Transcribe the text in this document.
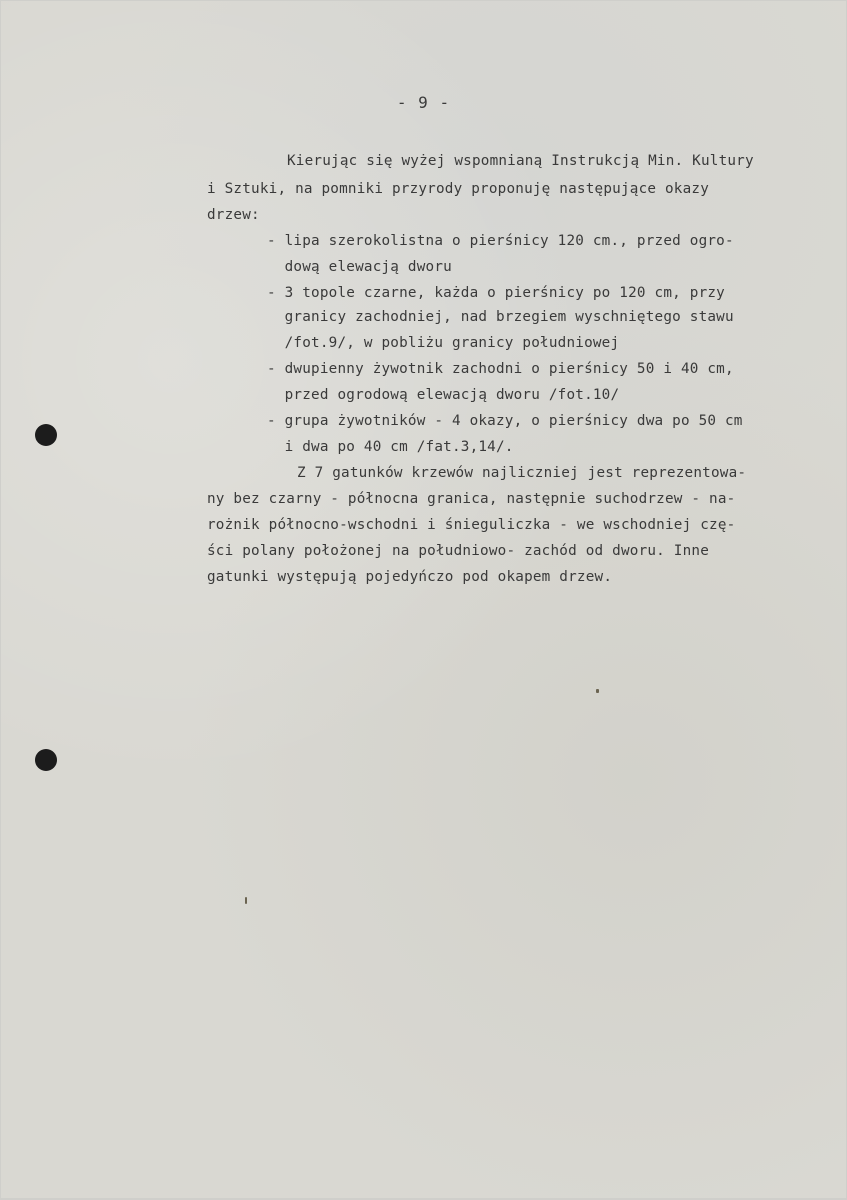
- 9 -
Kierując się wyżej wspomnianą Instrukcją Min. Kultury
i Sztuki, na pomniki przyrody proponuję następujące okazy
drzew:
- lipa szerokolistna o pierśnicy 120 cm., przed ogro-
dową elewacją dworu
- 3 topole czarne, każda o pierśnicy po 120 cm, przy
granicy zachodniej, nad brzegiem wyschniętego stawu
/fot.9/, w pobliżu granicy południowej
- dwupienny żywotnik zachodni o pierśnicy 50 i 40 cm,
przed ogrodową elewacją dworu /fot.10/
- grupa żywotników - 4 okazy, o pierśnicy dwa po 50 cm
i dwa po 40 cm /fat.3,14/.
Z 7 gatunków krzewów najliczniej jest reprezentowa-
ny bez czarny - północna granica, następnie suchodrzew - na-
rożnik północno-wschodni i śnieguliczka - we wschodniej czę-
ści polany położonej na południowo- zachód od dworu. Inne
gatunki występują pojedyńczo pod okapem drzew.
